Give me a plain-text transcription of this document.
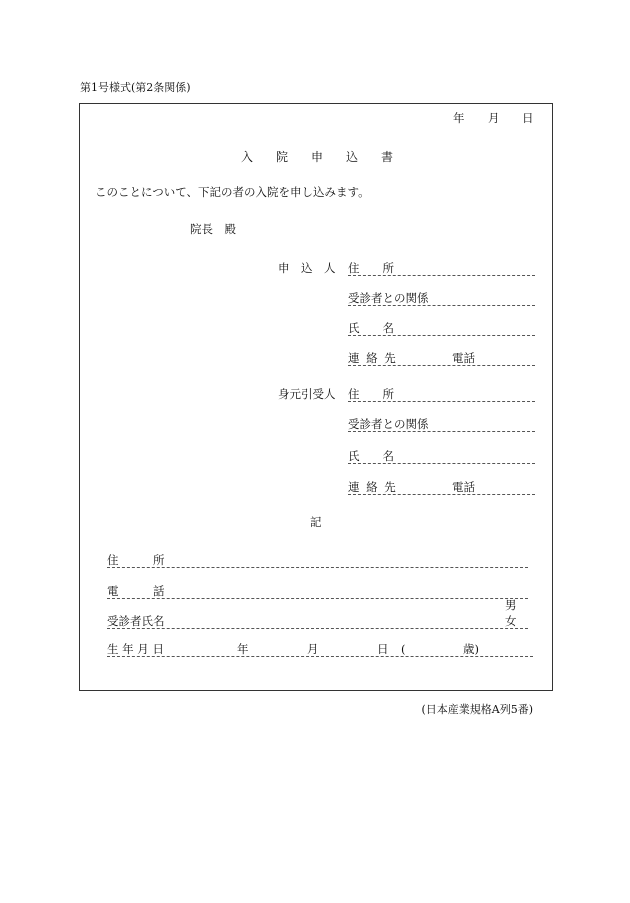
第1号様式(第2条関係)
年 月 日
入　院　申　込　書
このことについて、下記の者の入院を申し込みます。
院長　殿
申　込　人 住　　所
受診者との関係
氏　　名
連 絡 先	電話
身元引受人 住　　所
受診者との関係
氏　　名
連 絡 先	電話
記
住　　　所
電　　　話
男
受診者氏名	女
生 年 月 日	年	月	日 (	歳)
(日本産業規格A列5番)
